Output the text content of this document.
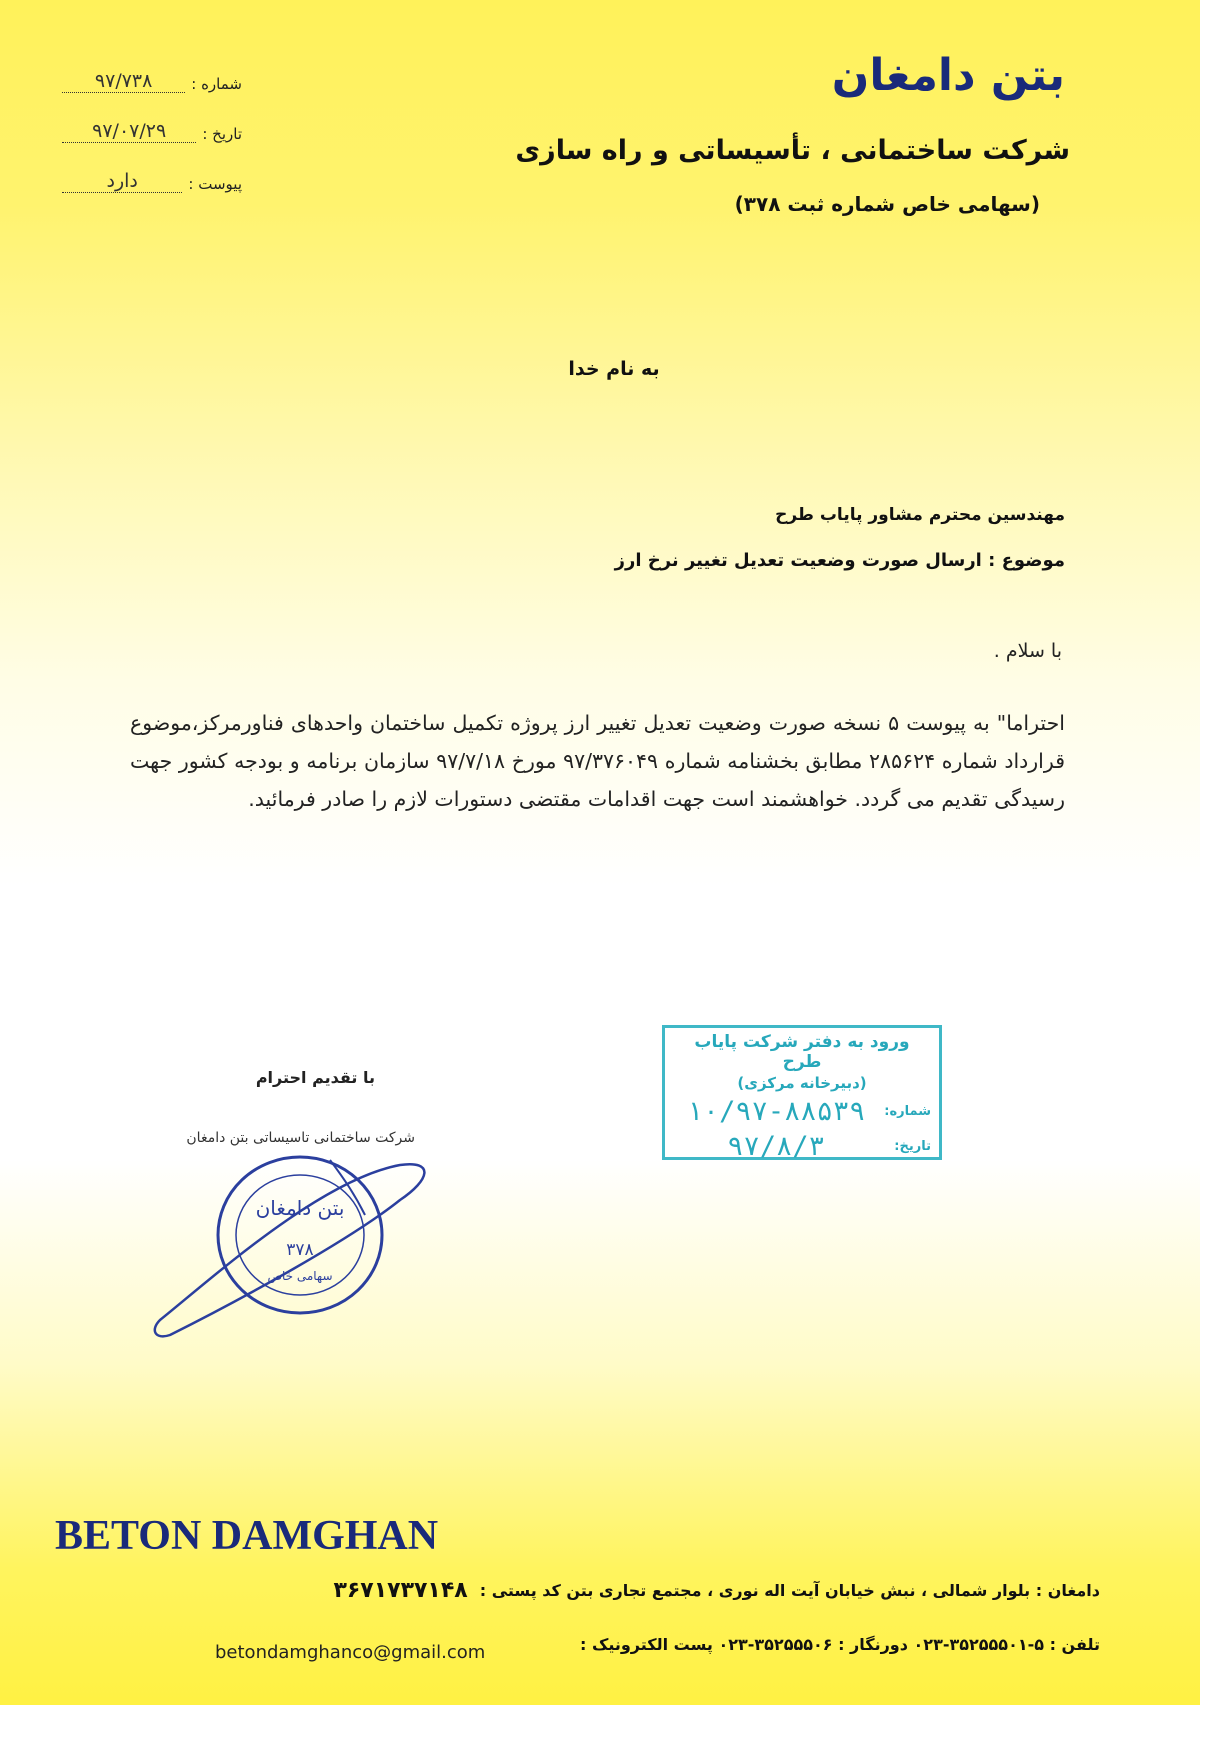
بتن دامغان
شرکت ساختمانی ، تأسیساتی و راه سازی
(سهامی خاص شماره ثبت ۳۷۸)
شماره :
۹۷/۷۳۸
تاریخ :
۹۷/۰۷/۲۹
پیوست :
دارد
به نام خدا
مهندسین محترم مشاور پایاب طرح
موضوع : ارسال صورت وضعیت تعدیل تغییر نرخ ارز
با سلام .
احتراما" به پیوست ۵ نسخه صورت وضعیت تعدیل تغییر ارز پروژه تکمیل ساختمان واحدهای فناورمرکز،موضوع قرارداد شماره ۲۸۵۶۲۴ مطابق بخشنامه شماره ۹۷/۳۷۶۰۴۹ مورخ ۹۷/۷/۱۸ سازمان برنامه و بودجه کشور جهت رسیدگی تقدیم می گردد. خواهشمند است جهت اقدامات مقتضی دستورات لازم را صادر فرمائید.
با تقدیم احترام
شرکت ساختمانی تاسیساتی بتن دامغان
بتن دامغان
۳۷۸
سهامی خاص
ورود به دفتر شرکت پایاب طرح
(دبیرخانه مرکزی)
شماره:
۱۰/۹۷-۸۸۵۳۹
تاریخ:
۹۷/۸/۳
BETON DAMGHAN
دامغان : بلوار شمالی ، نبش خیابان آیت اله نوری ، مجتمع تجاری بتن کد پستی :
۳۶۷۱۷۳۷۱۴۸
تلفن : ۵-۳۵۲۵۵۵۰۱-۰۲۳ دورنگار : ۳۵۲۵۵۵۰۶-۰۲۳ پست الکترونیک :
betondamghanco@gmail.com
